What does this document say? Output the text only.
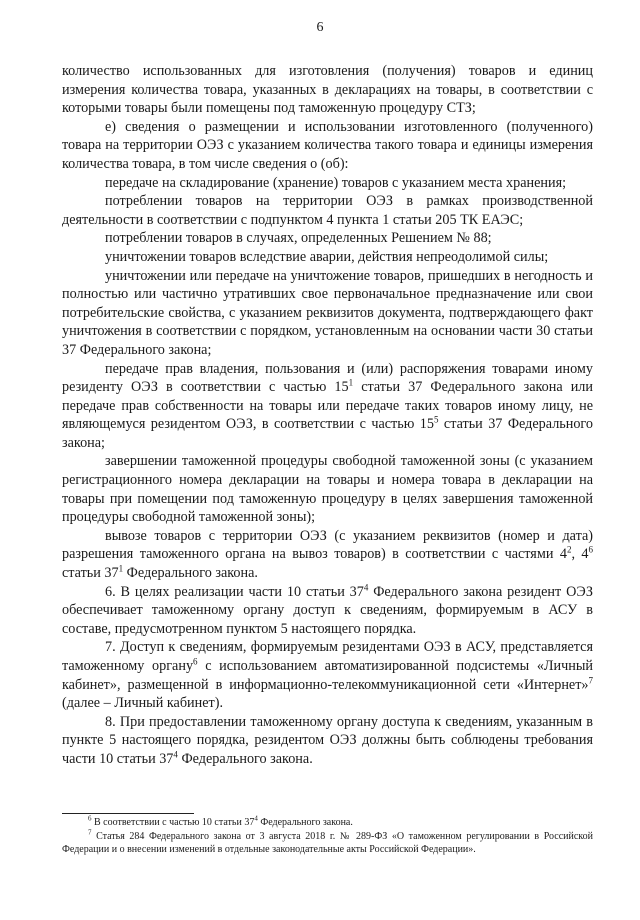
6

количество использованных для изготовления (получения) товаров и единиц измерения количества товара, указанных в декларациях на товары, в соответствии с которыми товары были помещены под таможенную процедуру СТЗ;

е) сведения о размещении и использовании изготовленного (полученного) товара на территории ОЭЗ с указанием количества такого товара и единицы измерения количества товара, в том числе сведения о (об):

передаче на складирование (хранение) товаров с указанием места хранения;

потреблении товаров на территории ОЭЗ в рамках производственной деятельности в соответствии с подпунктом 4 пункта 1 статьи 205 ТК ЕАЭС;

потреблении товаров в случаях, определенных Решением № 88;

уничтожении товаров вследствие аварии, действия непреодолимой силы;

уничтожении или передаче на уничтожение товаров, пришедших в негодность и полностью или частично утративших свое первоначальное предназначение или свои потребительские свойства, с указанием реквизитов документа, подтверждающего факт уничтожения в соответствии с порядком, установленным на основании части 30 статьи 37 Федерального закона;

передаче прав владения, пользования и (или) распоряжения товарами иному резиденту ОЭЗ в соответствии с частью $15^1$ статьи 37 Федерального закона или передаче прав собственности на товары или передаче таких товаров иному лицу, не являющемуся резидентом ОЭЗ, в соответствии с частью $15^5$ статьи 37 Федерального закона;

завершении таможенной процедуры свободной таможенной зоны (с указанием регистрационного номера декларации на товары и номера товара в декларации на товары при помещении под таможенную процедуру в целях завершения таможенной процедуры свободной таможенной зоны);

вывозе товаров с территории ОЭЗ (с указанием реквизитов (номер и дата) разрешения таможенного органа на вывоз товаров) в соответствии с частями $4^2$, $4^6$ статьи $37^1$ Федерального закона.

6. В целях реализации части 10 статьи $37^4$ Федерального закона резидент ОЭЗ обеспечивает таможенному органу доступ к сведениям, формируемым в АСУ в составе, предусмотренном пунктом 5 настоящего порядка.

7. Доступ к сведениям, формируемым резидентами ОЭЗ в АСУ, представляется таможенному органу$^6$ с использованием автоматизированной подсистемы «Личный кабинет», размещенной в информационно-телекоммуникационной сети «Интернет»$^7$ (далее – Личный кабинет).

8. При предоставлении таможенному органу доступа к сведениям, указанным в пункте 5 настоящего порядка, резидентом ОЭЗ должны быть соблюдены требования части 10 статьи $37^4$ Федерального закона.

$^6$ В соответствии с частью 10 статьи $37^4$ Федерального закона.

$^7$ Статья 284 Федерального закона от 3 августа 2018 г. № 289-ФЗ «О таможенном регулировании в Российской Федерации и о внесении изменений в отдельные законодательные акты Российской Федерации».
